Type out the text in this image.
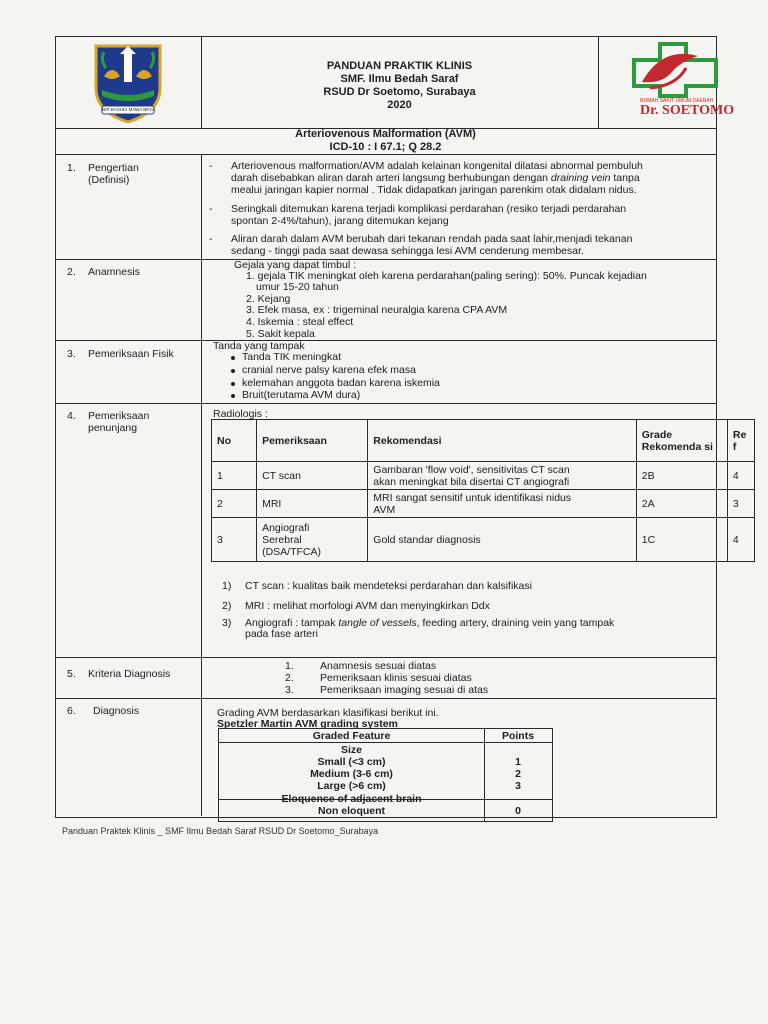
JER BASUKI MAWA BEYA
PANDUAN PRAKTIK KLINIS
SMF. Ilmu Bedah Saraf
RSUD Dr Soetomo, Surabaya
2020	RUMAH SAKIT UMUM DAERAH
Dr. SOETOMO
Arteriovenous Malformation (AVM)
ICD-10 : I 67.1; Q 28.2
1. Pengertian
(Definisi)
- Arteriovenous malformation/AVM adalah kelainan kongenital dilatasi abnormal pembuluh
darah disebabkan aliran darah arteri langsung berhubungan dengan draining vein tanpa
mealui jaringan kapier normal . Tidak didapatkan jaringan parenkim otak didalam nidus.
- Seringkali ditemukan karena terjadi komplikasi perdarahan (resiko terjadi perdarahan
spontan 2-4%/tahun), jarang ditemukan kejang
- Aliran darah dalam AVM berubah dari tekanan rendah pada saat lahir,menjadi tekanan
sedang - tinggi pada saat dewasa sehingga lesi AVM cenderung membesar.
2. Anamnesis
Gejala yang dapat timbul :
1. gejala TIK meningkat oleh karena perdarahan(paling sering): 50%. Puncak kejadian
umur 15-20 tahun
2. Kejang
3. Efek masa, ex : trigeminal neuralgia karena CPA AVM
4. Iskemia : steal effect
5. Sakit kepala
3. Pemeriksaan Fisik
Tanda yang tampak
Tanda TIK meningkat
cranial nerve palsy karena efek masa
kelemahan anggota badan karena iskemia
Bruit(terutama AVM dura)
4. Pemeriksaan
penunjang
Radiologis :
No	Pemeriksaan	Rekomendasi	Grade Rekomenda si	Re f
1	CT scan	Gambaran 'flow void', sensitivitas CT scan
akan meningkat bila disertai CT angiografi	2B	4
2	MRI	MRI sangat sensitif untuk identifikasi nidus
AVM	2A	3
3	Angiografi
Serebral
(DSA/TFCA)	Gold standar diagnosis	1C	4
1) CT scan : kualitas baik mendeteksi perdarahan dan kalsifikasi
2) MRI : melihat morfologi AVM dan menyingkirkan Ddx
3) Angiografi : tampak tangle of vessels, feeding artery, draining vein yang tampak
pada fase arteri
5. Kriteria Diagnosis
1. Anamnesis sesuai diatas
2. Pemeriksaan klinis sesuai diatas
3. Pemeriksaan imaging sesuai di atas
6. Diagnosis	Grading AVM berdasarkan klasifikasi berikut ini.
Spetzler Martin AVM grading system
Graded Feature	Points
Size
Small (<3 cm)	1
Medium (3-6 cm)	2
Large (>6 cm)	3
Eloquence of adjacent brain
Non eloquent	0
Panduan Praktek Klinis _ SMF Ilmu Bedah Saraf RSUD Dr Soetomo_Surabaya
